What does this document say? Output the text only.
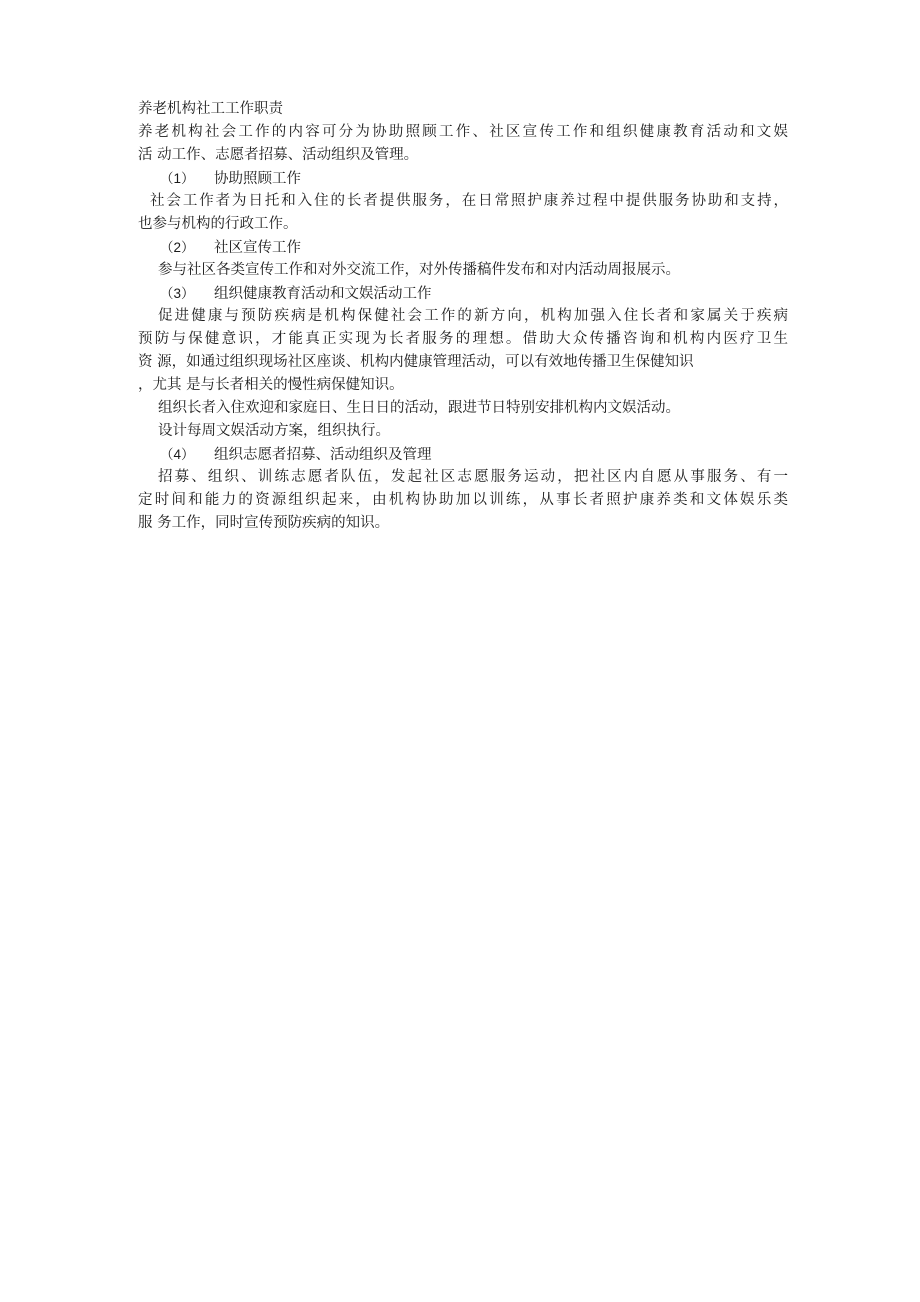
养老机构社工工作职责
养老机构社会工作的内容可分为协助照顾工作、社区宣传工作和组织健康教育活动和文娱
活 动工作、志愿者招募、活动组织及管理。
（1） 协助照顾工作
社会工作者为日托和入住的长者提供服务，在日常照护康养过程中提供服务协助和支持，
也参与机构的行政工作。
（2） 社区宣传工作
参与社区各类宣传工作和对外交流工作，对外传播稿件发布和对内活动周报展示。
（3） 组织健康教育活动和文娱活动工作
促进健康与预防疾病是机构保健社会工作的新方向，机构加强入住长者和家属关于疾病
预防与保健意识，才能真正实现为长者服务的理想。借助大众传播咨询和机构内医疗卫生
资 源，如通过组织现场社区座谈、机构内健康管理活动，可以有效地传播卫生保健知识
，尤其 是与长者相关的慢性病保健知识。
组织长者入住欢迎和家庭日、生日日的活动，跟进节日特别安排机构内文娱活动。
设计每周文娱活动方案，组织执行。
（4） 组织志愿者招募、活动组织及管理
招募、组织、训练志愿者队伍，发起社区志愿服务运动，把社区内自愿从事服务、有一
定时间和能力的资源组织起来，由机构协助加以训练，从事长者照护康养类和文体娱乐类
服 务工作，同时宣传预防疾病的知识。
